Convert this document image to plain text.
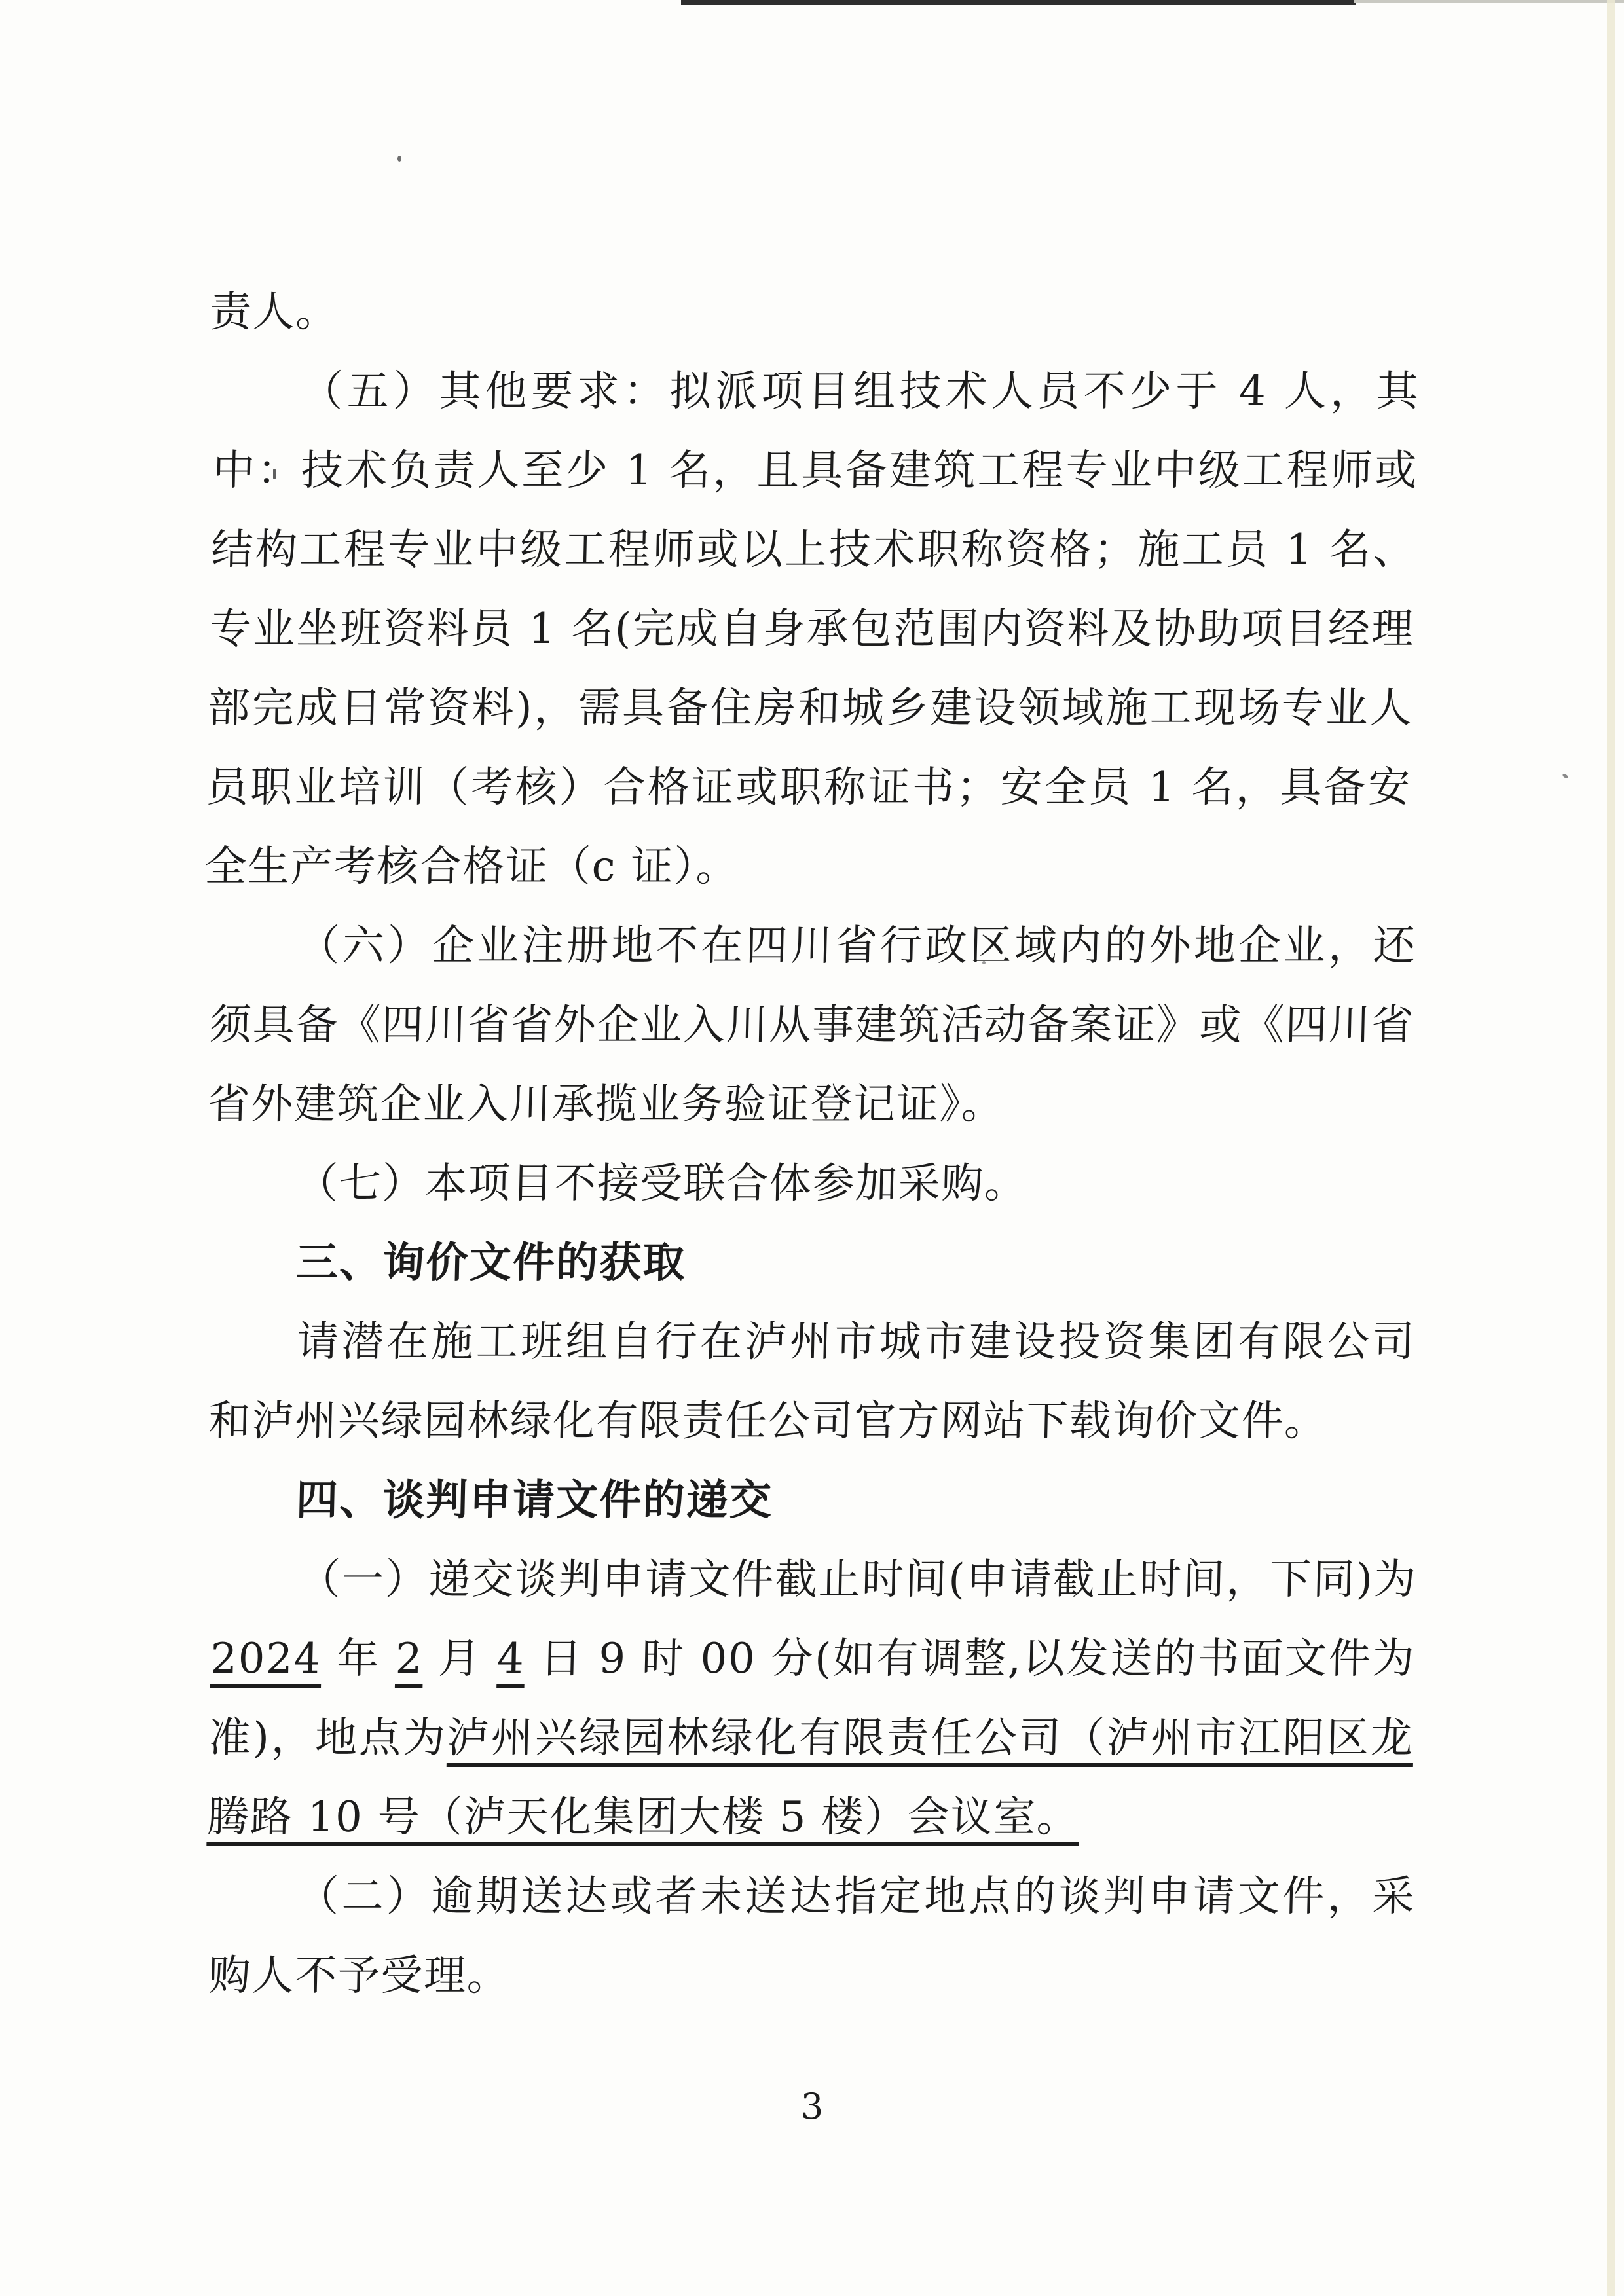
责人。

（五）其他要求：拟派项目组技术人员不少于 4 人，其中：技术负责人至少 1 名，且具备建筑工程专业中级工程师或结构工程专业中级工程师或以上技术职称资格；施工员 1 名、专业坐班资料员 1 名(完成自身承包范围内资料及协助项目经理部完成日常资料)，需具备住房和城乡建设领域施工现场专业人员职业培训（考核）合格证或职称证书；安全员 1 名，具备安全生产考核合格证（c 证）。

（六）企业注册地不在四川省行政区域内的外地企业，还须具备《四川省省外企业入川从事建筑活动备案证》或《四川省省外建筑企业入川承揽业务验证登记证》。

（七）本项目不接受联合体参加采购。

三、询价文件的获取

请潜在施工班组自行在泸州市城市建设投资集团有限公司和泸州兴绿园林绿化有限责任公司官方网站下载询价文件。

四、谈判申请文件的递交

（一）递交谈判申请文件截止时间(申请截止时间，下同)为2024 年 2 月 4 日 9 时 00 分(如有调整,以发送的书面文件为准)，地点为泸州兴绿园林绿化有限责任公司（泸州市江阳区龙腾路 10 号（泸天化集团大楼 5 楼）会议室。

（二）逾期送达或者未送达指定地点的谈判申请文件，采购人不予受理。

3
